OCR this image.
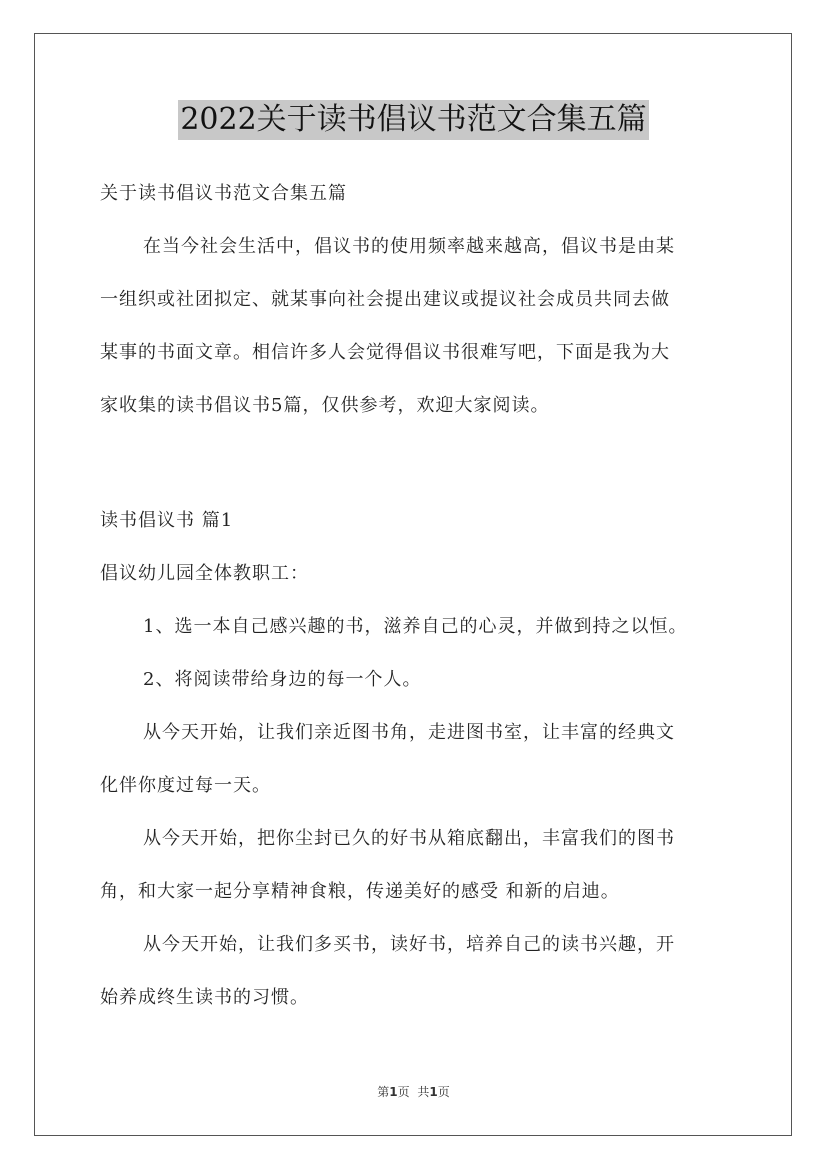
2022关于读书倡议书范文合集五篇
关于读书倡议书范文合集五篇
在当今社会生活中，倡议书的使用频率越来越高，倡议书是由某
一组织或社团拟定、就某事向社会提出建议或提议社会成员共同去做
某事的书面文章。相信许多人会觉得倡议书很难写吧，下面是我为大
家收集的读书倡议书5篇，仅供参考，欢迎大家阅读。
读书倡议书 篇1
倡议幼儿园全体教职工：
1、选一本自己感兴趣的书，滋养自己的心灵，并做到持之以恒。
2、将阅读带给身边的每一个人。
从今天开始，让我们亲近图书角，走进图书室，让丰富的经典文
化伴你度过每一天。
从今天开始，把你尘封已久的好书从箱底翻出，丰富我们的图书
角，和大家一起分享精神食粮，传递美好的感受 和新的启迪。
从今天开始，让我们多买书，读好书，培养自己的读书兴趣，开
始养成终生读书的习惯。
第1页 共1页
